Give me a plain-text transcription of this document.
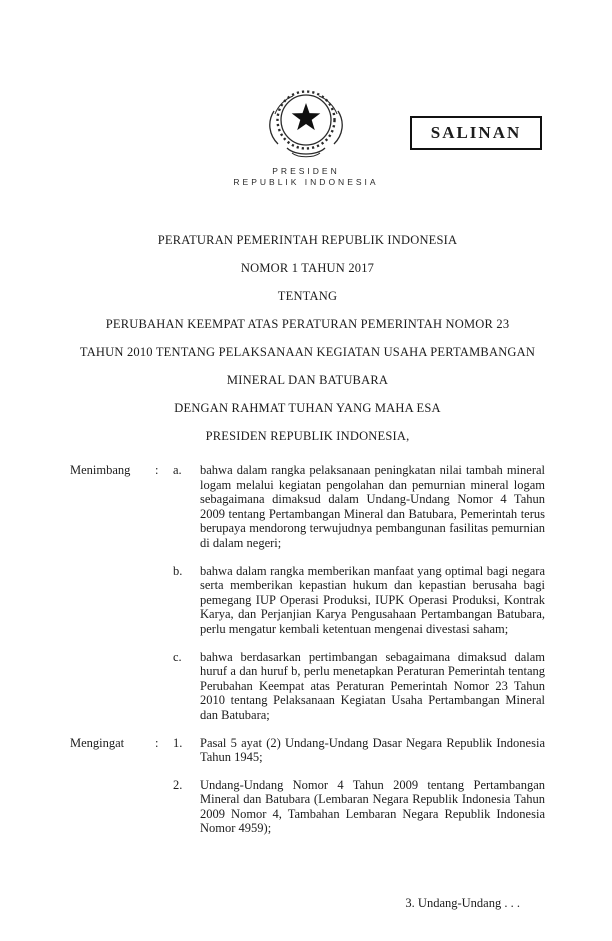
SALINAN
PRESIDEN
REPUBLIK INDONESIA
PERATURAN PEMERINTAH REPUBLIK INDONESIA
NOMOR 1 TAHUN 2017
TENTANG
PERUBAHAN KEEMPAT ATAS PERATURAN PEMERINTAH NOMOR 23
TAHUN 2010 TENTANG PELAKSANAAN KEGIATAN USAHA PERTAMBANGAN
MINERAL DAN BATUBARA
DENGAN RAHMAT TUHAN YANG MAHA ESA
PRESIDEN REPUBLIK INDONESIA,
Menimbang	:	a.	bahwa dalam rangka pelaksanaan peningkatan nilai tambah mineral logam melalui kegiatan pengolahan dan pemurnian mineral logam sebagaimana dimaksud dalam Undang-Undang Nomor 4 Tahun 2009 tentang Pertambangan Mineral dan Batubara, Pemerintah terus berupaya mendorong terwujudnya pembangunan fasilitas pemurnian di dalam negeri;
b.	bahwa dalam rangka memberikan manfaat yang optimal bagi negara serta memberikan kepastian hukum dan kepastian berusaha bagi pemegang IUP Operasi Produksi, IUPK Operasi Produksi, Kontrak Karya, dan Perjanjian Karya Pengusahaan Pertambangan Batubara, perlu mengatur kembali ketentuan mengenai divestasi saham;
c.	bahwa berdasarkan pertimbangan sebagaimana dimaksud dalam huruf a dan huruf b, perlu menetapkan Peraturan Pemerintah tentang Perubahan Keempat atas Peraturan Pemerintah Nomor 23 Tahun 2010 tentang Pelaksanaan Kegiatan Usaha Pertambangan Mineral dan Batubara;
Mengingat	:	1.	Pasal 5 ayat (2) Undang-Undang Dasar Negara Republik Indonesia Tahun 1945;
2.	Undang-Undang Nomor 4 Tahun 2009 tentang Pertambangan Mineral dan Batubara (Lembaran Negara Republik Indonesia Tahun 2009 Nomor 4, Tambahan Lembaran Negara Republik Indonesia Nomor 4959);
3. Undang-Undang . . .
